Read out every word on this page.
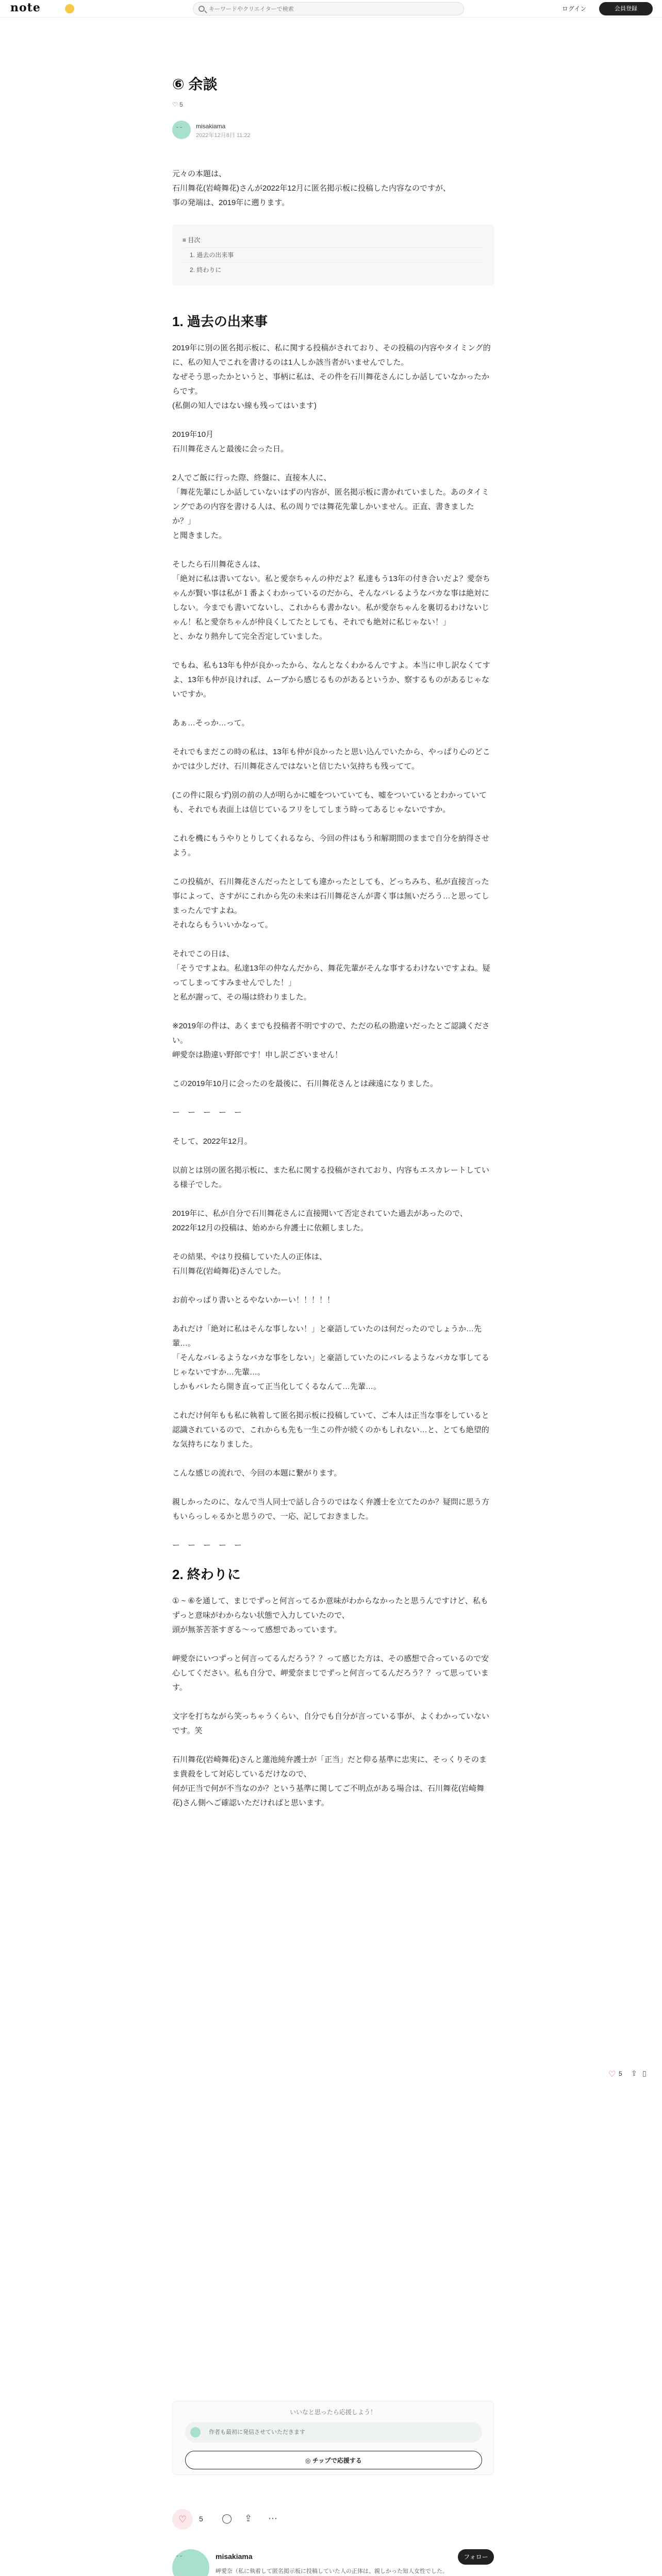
note
キーワードやクリエイターで検索	ログイン	会員登録
⑥ 余談
♡ 5
˘ ˘
misakiama
2022年12月8日 11:22

元々の本題は、
石川舞花(岩崎舞花)さんが2022年12月に匿名掲示板に投稿した内容なのですが、
事の発端は、2019年に遡ります。

≡ 目次
1. 過去の出来事
2. 終わりに
1. 過去の出来事

2019年に別の匿名掲示板に、私に関する投稿がされており、その投稿の内容やタイミング的に、私の知人でこれを書けるのは1人しか該当者がいませんでした。
なぜそう思ったかというと、事柄に私は、その件を石川舞花さんにしか話していなかったからです。
(私側の知人ではない線も残ってはいます)

2019年10月
石川舞花さんと最後に会った日。

2人でご飯に行った際、終盤に、直接本人に、
「舞花先輩にしか話していないはずの内容が、匿名掲示板に書かれていました。あのタイミングであの内容を書ける人は、私の周りでは舞花先輩しかいません。正直、書きましたか？」
と聞きました。

そしたら石川舞花さんは、
「絶対に私は書いてない。私と愛奈ちゃんの仲だよ？私達もう13年の付き合いだよ？愛奈ちゃんが賢い事は私が１番よくわかっているのだから、そんなバレるようなバカな事は絶対にしない。今までも書いてないし、これからも書かない。私が愛奈ちゃんを裏切るわけないじゃん！私と愛奈ちゃんが仲良くしてたとしても、それでも絶対に私じゃない！」
と、かなり熱弁して完全否定していました。

でもね、私も13年も仲が良かったから、なんとなくわかるんですよ。本当に申し訳なくてすよ、13年も仲が良ければ、ムーブから感じるものがあるというか、察するものがあるじゃないですか。

あぁ…そっか…って。

それでもまだこの時の私は、13年も仲が良かったと思い込んでいたから、やっぱり心のどこかでは少しだけ、石川舞花さんではないと信じたい気持ちも残ってて。

(この件に限らず)別の前の人が明らかに嘘をついていても、嘘をついているとわかっていても、それでも表面上は信じているフリをしてしまう時ってあるじゃないですか。

これを機にもうやりとりしてくれるなら、今回の件はもう和解期間のままで自分を納得させよう。

この投稿が、石川舞花さんだったとしても違かったとしても、どっちみち、私が直接言った事によって、さすがにこれから先の未来は石川舞花さんが書く事は無いだろう…と思ってしまったんですよね。
それならもういいかなって。

それでこの日は、
「そうですよね。私達13年の仲なんだから、舞花先輩がそんな事するわけないですよね。疑ってしまってすみませんでした！」
と私が謝って、その場は終わりました。

※2019年の件は、あくまでも投稿者不明ですので、ただの私の勘違いだったとご認識ください。
岬愛奈は勘違い野郎です！申し訳ございません！

この2019年10月に会ったのを最後に、石川舞花さんとは疎遠になりました。

ー　ー　ー　ー　ー

そして、2022年12月。

以前とは別の匿名掲示板に、また私に関する投稿がされており、内容もエスカレートしている様子でした。

2019年に、私が自分で石川舞花さんに直接聞いて否定されていた過去があったので、
2022年12月の投稿は、始めから弁護士に依頼しました。

その結果、やはり投稿していた人の正体は、
石川舞花(岩崎舞花)さんでした。

お前やっぱり書いとるやないかーい！！！！！

あれだけ「絶対に私はそんな事しない！」と豪語していたのは何だったのでしょうか…先輩…。
「そんなバレるようなバカな事をしない」と豪語していたのにバレるようなバカな事してるじゃないですか…先輩…。
しかもバレたら開き直って正当化してくるなんて…先輩…。

これだけ何年もも私に執着して匿名掲示板に投稿していて、ご本人は正当な事をしていると認識されているので、これからも先も一生この件が続くのかもしれない…と、とても絶望的な気持ちになりました。

こんな感じの流れで、今回の本題に繋がります。

親しかったのに、なんで当人同士で話し合うのではなく弁護士を立てたのか？疑問に思う方もいらっしゃるかと思うので、一応、記しておきました。

ー　ー　ー　ー　ー

2. 終わりに

① ~ ⑥を通して、まじでずっと何言ってるか意味がわからなかったと思うんですけど、私もずっと意味がわからない状態で入力していたので、
頭が無茶苦茶すぎる〜って感想であっています。

岬愛奈にいつずっと何言ってるんだろう？？って感じた方は、その感想で合っているので安心してください。私も自分で、岬愛奈まじでずっと何言ってるんだろう？？って思っています。

文字を打ちながら笑っちゃうくらい、自分でも自分が言っている事が、よくわかっていないです。笑

石川舞花(岩崎舞花)さんと蓮池純弁護士が「正当」だと仰る基準に忠実に、そっくりそのまま貴殺をして対応しているだけなので、
何が正当で何が不当なのか？という基準に関してご不明点がある場合は、石川舞花(岩崎舞花)さん側へご確認いただければと思います。

♡ 5 ⇪ ▯
いいなと思ったら応援しよう！
作者も最初に発信させていただきます
◎ チップで応援する
♡	5 ◯ ⇪ ⋯
˘ ˘
misakiama
岬愛奈（私に執着して匿名掲示板に投稿していた人の正体は、親しかった知人女性でした。

フォロー
